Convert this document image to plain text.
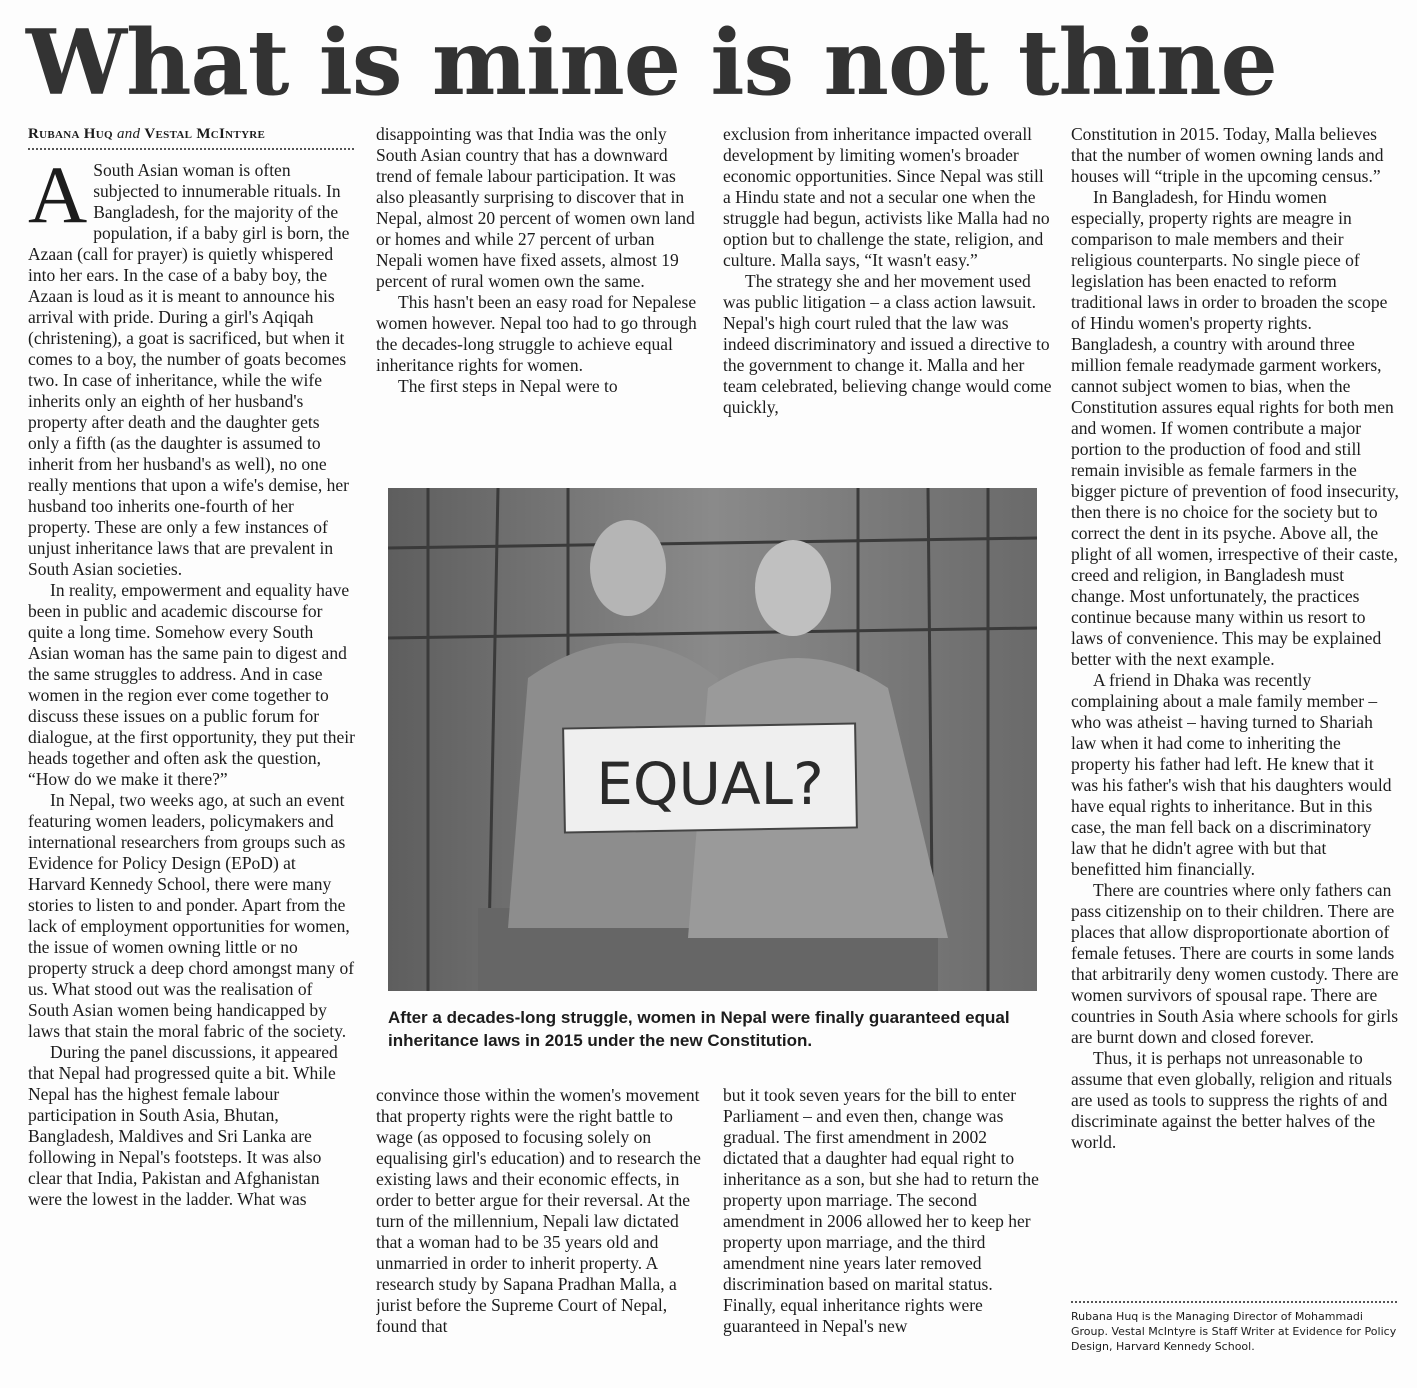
What is mine is not thine
Rubana Huq and Vestal McIntyre

A South Asian woman is often subjected to innumerable rituals. In Bangladesh, for the majority of the population, if a baby girl is born, the Azaan (call for prayer) is quietly whispered into her ears. In the case of a baby boy, the Azaan is loud as it is meant to announce his arrival with pride. During a girl's Aqiqah (christening), a goat is sacrificed, but when it comes to a boy, the number of goats becomes two. In case of inheritance, while the wife inherits only an eighth of her husband's property after death and the daughter gets only a fifth (as the daughter is assumed to inherit from her husband's as well), no one really mentions that upon a wife's demise, her husband too inherits one-fourth of her property. These are only a few instances of unjust inheritance laws that are prevalent in South Asian societies.

In reality, empowerment and equality have been in public and academic discourse for quite a long time. Somehow every South Asian woman has the same pain to digest and the same struggles to address. And in case women in the region ever come together to discuss these issues on a public forum for dialogue, at the first opportunity, they put their heads together and often ask the question, “How do we make it there?”

In Nepal, two weeks ago, at such an event featuring women leaders, policymakers and international researchers from groups such as Evidence for Policy Design (EPoD) at Harvard Kennedy School, there were many stories to listen to and ponder. Apart from the lack of employment opportunities for women, the issue of women owning little or no property struck a deep chord amongst many of us. What stood out was the realisation of South Asian women being handicapped by laws that stain the moral fabric of the society.

During the panel discussions, it appeared that Nepal had progressed quite a bit. While Nepal has the highest female labour participation in South Asia, Bhutan, Bangladesh, Maldives and Sri Lanka are following in Nepal's footsteps. It was also clear that India, Pakistan and Afghanistan were the lowest in the ladder. What was

disappointing was that India was the only South Asian country that has a downward trend of female labour participation. It was also pleasantly surprising to discover that in Nepal, almost 20 percent of women own land or homes and while 27 percent of urban Nepali women have fixed assets, almost 19 percent of rural women own the same.

This hasn't been an easy road for Nepalese women however. Nepal too had to go through the decades-long struggle to achieve equal inheritance rights for women.

The first steps in Nepal were to

exclusion from inheritance impacted overall development by limiting women's broader economic opportunities. Since Nepal was still a Hindu state and not a secular one when the struggle had begun, activists like Malla had no option but to challenge the state, religion, and culture. Malla says, “It wasn't easy.”

The strategy she and her movement used was public litigation – a class action lawsuit. Nepal's high court ruled that the law was indeed discriminatory and issued a directive to the government to change it. Malla and her team celebrated, believing change would come quickly,

EQUAL?

After a decades-long struggle, women in Nepal were finally guaranteed equal inheritance laws in 2015 under the new Constitution.

convince those within the women's movement that property rights were the right battle to wage (as opposed to focusing solely on equalising girl's education) and to research the existing laws and their economic effects, in order to better argue for their reversal. At the turn of the millennium, Nepali law dictated that a woman had to be 35 years old and unmarried in order to inherit property. A research study by Sapana Pradhan Malla, a jurist before the Supreme Court of Nepal, found that

but it took seven years for the bill to enter Parliament – and even then, change was gradual. The first amendment in 2002 dictated that a daughter had equal right to inheritance as a son, but she had to return the property upon marriage. The second amendment in 2006 allowed her to keep her property upon marriage, and the third amendment nine years later removed discrimination based on marital status. Finally, equal inheritance rights were guaranteed in Nepal's new

Constitution in 2015. Today, Malla believes that the number of women owning lands and houses will “triple in the upcoming census.”

In Bangladesh, for Hindu women especially, property rights are meagre in comparison to male members and their religious counterparts. No single piece of legislation has been enacted to reform traditional laws in order to broaden the scope of Hindu women's property rights. Bangladesh, a country with around three million female readymade garment workers, cannot subject women to bias, when the Constitution assures equal rights for both men and women. If women contribute a major portion to the production of food and still remain invisible as female farmers in the bigger picture of prevention of food insecurity, then there is no choice for the society but to correct the dent in its psyche. Above all, the plight of all women, irrespective of their caste, creed and religion, in Bangladesh must change. Most unfortunately, the practices continue because many within us resort to laws of convenience. This may be explained better with the next example.

A friend in Dhaka was recently complaining about a male family member – who was atheist – having turned to Shariah law when it had come to inheriting the property his father had left. He knew that it was his father's wish that his daughters would have equal rights to inheritance. But in this case, the man fell back on a discriminatory law that he didn't agree with but that benefitted him financially.

There are countries where only fathers can pass citizenship on to their children. There are places that allow disproportionate abortion of female fetuses. There are courts in some lands that arbitrarily deny women custody. There are women survivors of spousal rape. There are countries in South Asia where schools for girls are burnt down and closed forever.

Thus, it is perhaps not unreasonable to assume that even globally, religion and rituals are used as tools to suppress the rights of and discriminate against the better halves of the world.

Rubana Huq is the Managing Director of Mohammadi Group. Vestal McIntyre is Staff Writer at Evidence for Policy Design, Harvard Kennedy School.
